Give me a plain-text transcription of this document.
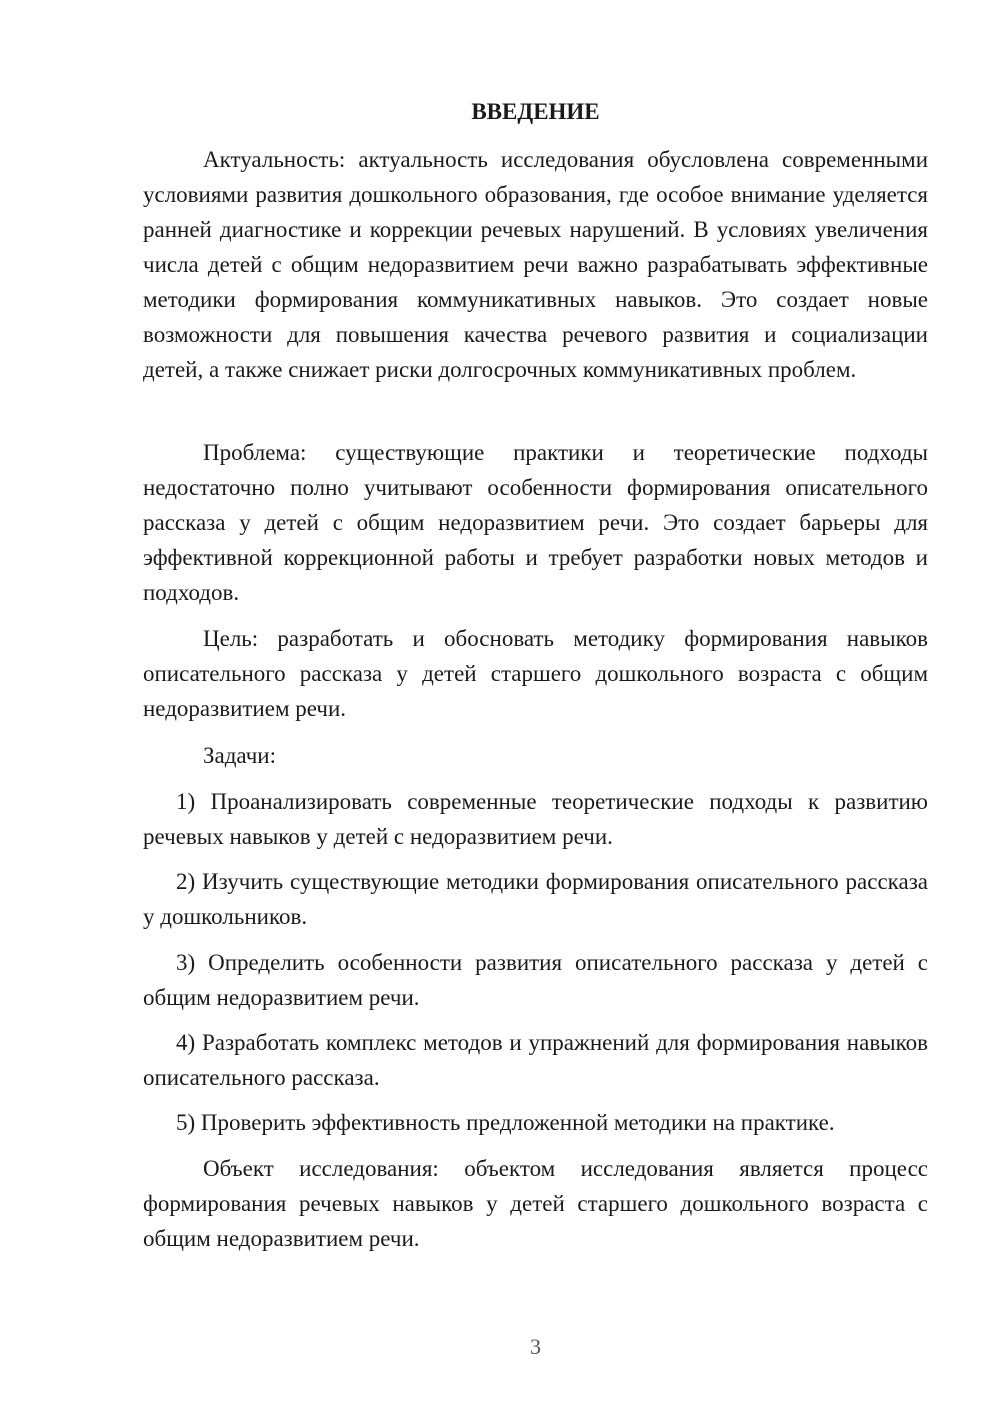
ВВЕДЕНИЕ

Актуальность: актуальность исследования обусловлена современными условиями развития дошкольного образования, где особое внимание уделяется ранней диагностике и коррекции речевых нарушений. В условиях увеличения числа детей с общим недоразвитием речи важно разрабатывать эффективные методики формирования коммуникативных навыков. Это создает новые возможности для повышения качества речевого развития и социализации детей, а также снижает риски долгосрочных коммуникативных проблем.

Проблема: существующие практики и теоретические подходы недостаточно полно учитывают особенности формирования описательного рассказа у детей с общим недоразвитием речи. Это создает барьеры для эффективной коррекционной работы и требует разработки новых методов и подходов.

Цель: разработать и обосновать методику формирования навыков описательного рассказа у детей старшего дошкольного возраста с общим недоразвитием речи.

Задачи:

1) Проанализировать современные теоретические подходы к развитию речевых навыков у детей с недоразвитием речи.

2) Изучить существующие методики формирования описательного рассказа у дошкольников.

3) Определить особенности развития описательного рассказа у детей с общим недоразвитием речи.

4) Разработать комплекс методов и упражнений для формирования навыков описательного рассказа.

5) Проверить эффективность предложенной методики на практике.

Объект исследования: объектом исследования является процесс формирования речевых навыков у детей старшего дошкольного возраста с общим недоразвитием речи.

3
